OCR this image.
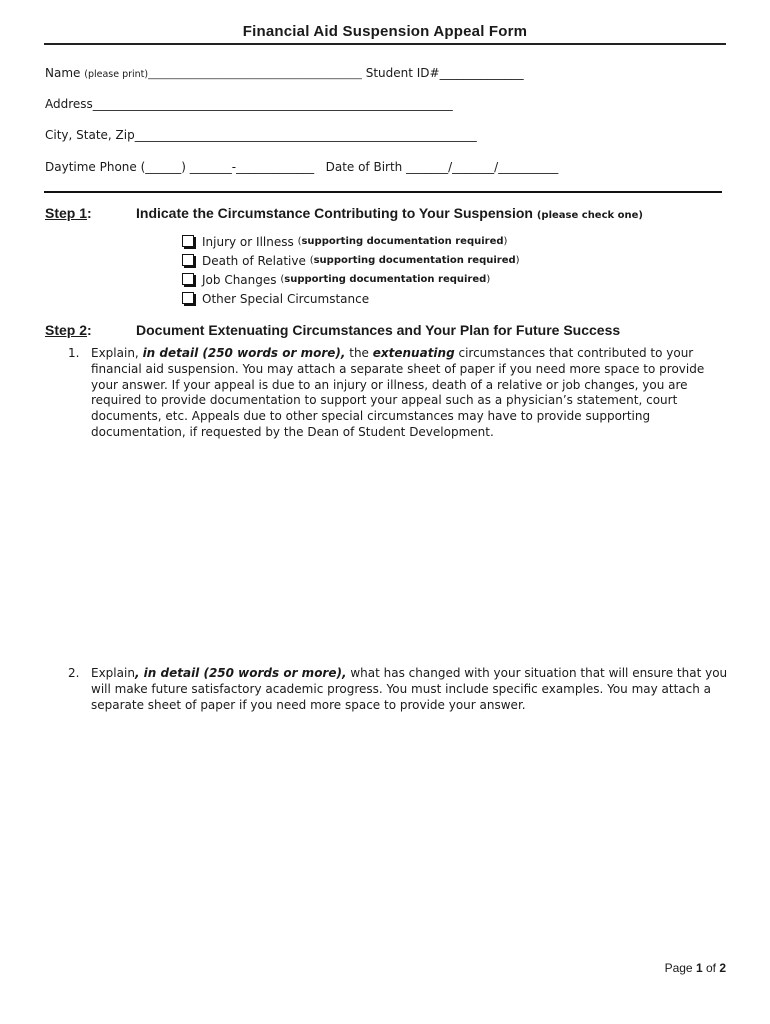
Financial Aid Suspension Appeal Form
Name (please print)_____________________________________________ Student ID#______________
Address____________________________________________________________
City, State, Zip_________________________________________________________
Daytime Phone (______) _______-_____________ Date of Birth _______/_______/__________
Step 1:	Indicate the Circumstance Contributing to Your Suspension (please check one)
Injury or Illness
( supporting documentation required )
Death of Relative
( supporting documentation required )
Job Changes
( supporting documentation required )
Other Special Circumstance
Step 2:	Document Extenuating Circumstances and Your Plan for Future Success
1. Explain, in detail (250 words or more), the extenuating circumstances that contributed to your financial aid suspension. You may attach a separate sheet of paper if you need more space to provide your answer. If your appeal is due to an injury or illness, death of a relative or job changes, you are required to provide documentation to support your appeal such as a physician’s statement, court documents, etc. Appeals due to other special circumstances may have to provide supporting documentation, if requested by the Dean of Student Development.
2. Explain, in detail (250 words or more), what has changed with your situation that will ensure that you will make future satisfactory academic progress. You must include specific examples. You may attach a separate sheet of paper if you need more space to provide your answer.
Page 1 of 2
